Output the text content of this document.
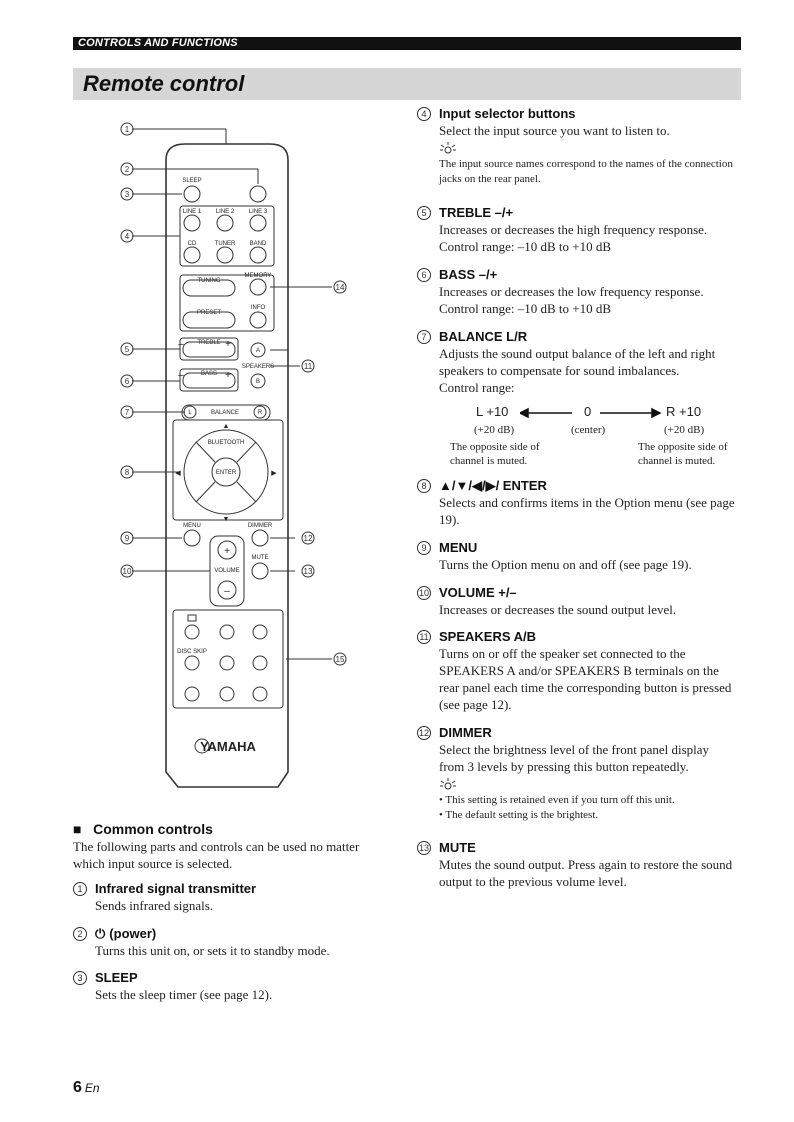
CONTROLS AND FUNCTIONS
Remote control
SLEEP
LINE 1 LINE 2 LINE 3
CD	TUNER BAND
TUNING
MEMORY
PRESET
INFO
TREBLE
BASS
SPEAKERS
A
B
L	R
BALANCE
BLUETOOTH
ENTER
MENU	DIMMER
MUTE
VOLUME
DISC SKIP
+
–
–	+
–	+
▲
▼
◀	▶
YAMAHA
1
2
3
4
5
6
7
8
9
10
11
12
13
14
15
■   Common controls

The following parts and controls can be used no matter which input source is selected.

1 Infrared signal transmitter
Sends infrared signals.
2 ⏻ (power)
Turns this unit on, or sets it to standby mode.
3 SLEEP
Sets the sleep timer (see page 12).
4 Input selector buttons
Select the input source you want to listen to.
The input source names correspond to the names of the connection jacks on the rear panel.
5 TREBLE –/+
Increases or decreases the high frequency response.
Control range: –10 dB to +10 dB
6 BASS –/+
Increases or decreases the low frequency response.
Control range: –10 dB to +10 dB
7 BALANCE L/R
Adjusts the sound output balance of the left and right speakers to compensate for sound imbalances.
Control range:
L +10	0	R +10
(+20 dB)	(center)	(+20 dB)
The opposite side of channel is muted.
The opposite side of channel is muted.
8 ▲/▼/◀/▶/ ENTER
Selects and confirms items in the Option menu (see page 19).
9 MENU
Turns the Option menu on and off (see page 19).
10 VOLUME +/–
Increases or decreases the sound output level.
11 SPEAKERS A/B
Turns on or off the speaker set connected to the SPEAKERS A and/or SPEAKERS B terminals on the rear panel each time the corresponding button is pressed (see page 12).
12 DIMMER
Select the brightness level of the front panel display from 3 levels by pressing this button repeatedly.
• This setting is retained even if you turn off this unit.
• The default setting is the brightest.
13 MUTE
Mutes the sound output. Press again to restore the sound output to the previous volume level.
6 En
